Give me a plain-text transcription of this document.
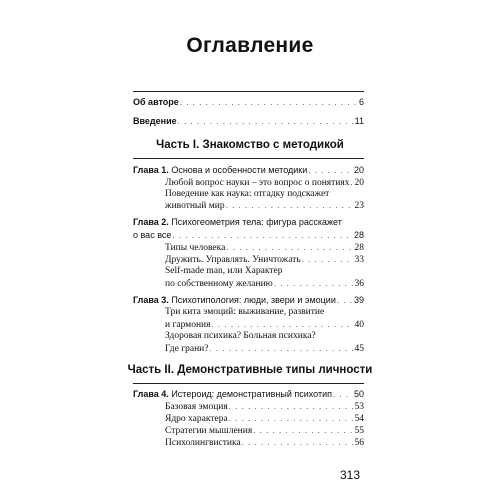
Оглавление
Об авторе . . .	6
Введение . . .	11
Часть I. Знакомство с методикой
Глава 1. Основа и особенности методики . . .	20
Любой вопрос науки – это вопрос о понятиях . . . 20
Поведение как наука: отгадку подскажет
животный мир . . .	23
Глава 2. Психогеометрия тела: фигура расскажет
о вас все . . .	28
Типы человека . . .	28
Дружить. Управлять. Уничтожать . . .	33
Self-made man, или Характер
по собственному желанию . . .	36
Глава 3. Психотипология: люди, звери и эмоции . . . 39
Три кита эмоций: выживание, развитие
и гармония . . .	40
Здоровая психика? Больная психика?
Где грани? . . .	45
Часть II. Демонстративные типы личности
Глава 4. Истероид: демонстративный психотип . . . 50
Базовая эмоция . . .	53
Ядро характера . . .	54
Стратегии мышления . . .	55
Психолингвистика . . .	56
313
